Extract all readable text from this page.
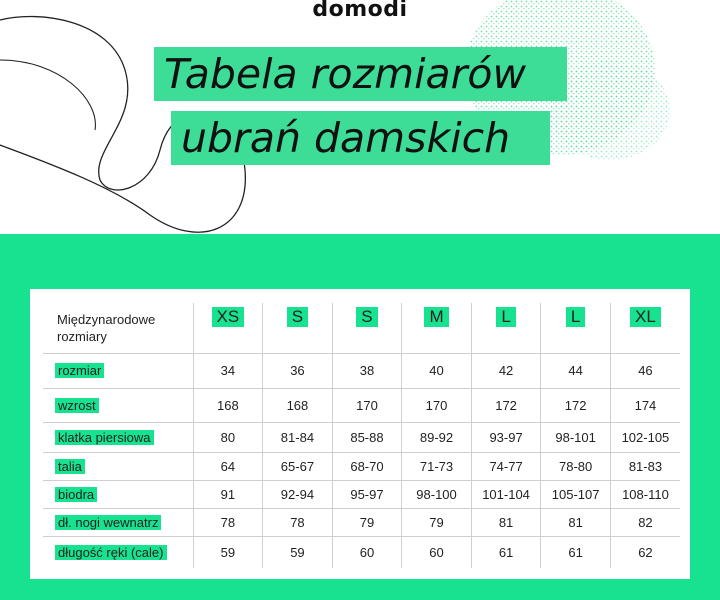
domodi
Tabela rozmiarów
ubrań damskich
Międzynarodowe
rozmiary	XS	S	S	M	L	L	XL
rozmiar	34	36	38	40	42	44	46
wzrost	168	168	170	170	172	172	174
klatka piersiowa	80	81-84	85-88	89-92	93-97	98-101	102-105
talia	64	65-67	68-70	71-73	74-77	78-80	81-83
biodra	91	92-94	95-97	98-100	101-104	105-107	108-110
dł. nogi wewnatrz	78	78	79	79	81	81	82
długość ręki (cale)	59	59	60	60	61	61	62
